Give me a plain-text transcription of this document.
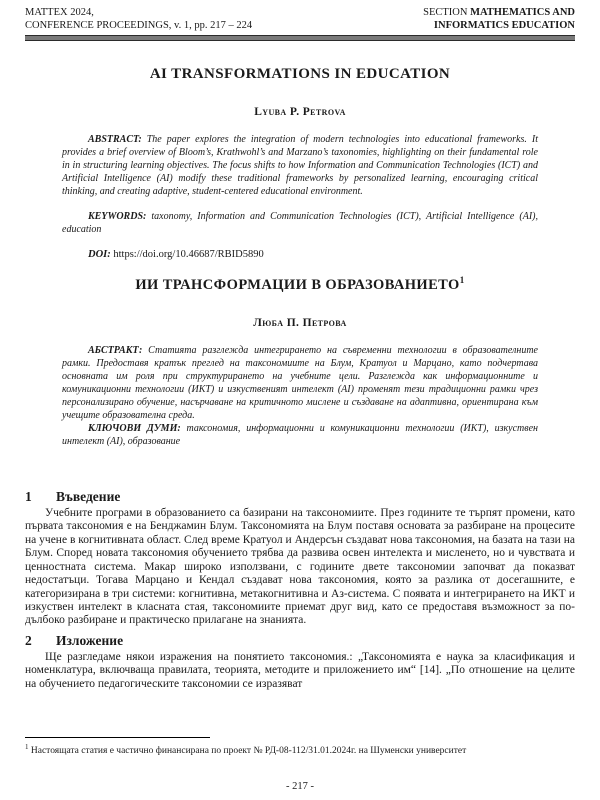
MATTEX 2024,
CONFERENCE PROCEEDINGS, v. 1, pp. 217 – 224
SECTION MATHEMATICS AND
INFORMATICS EDUCATION
AI TRANSFORMATIONS IN EDUCATION
Lyuba P. Petrova

ABSTRACT: The paper explores the integration of modern technologies into educational frameworks. It provides a brief overview of Bloom’s, Krathwohl’s and Marzano’s taxonomies, highlighting on their fundamental role in in structuring learning objectives. The focus shifts to how Information and Communication Technologies (ICT) and Artificial Intelligence (AI) modify these traditional frameworks by personalized learning, encouraging critical thinking, and creating adaptive, student-centered educational environment.

KEYWORDS: taxonomy, Information and Communication Technologies (ICT), Artificial Intelligence (AI), education

DOI: https://doi.org/10.46687/RBID5890
ИИ ТРАНСФОРМАЦИИ В ОБРАЗОВАНИЕТО$^1$
Люба П. Петрова

АБСТРАКТ: Статията разглежда интегрирането на съвременни технологии в образователните рамки. Предоставя кратък преглед на таксономиите на Блум, Кратуол и Марцано, като подчертава основната им роля при структурирането на учебните цели. Разглежда как информационните и комуникационни технологии (ИКТ) и изкуственият интелект (AI) променят тези традиционни рамки чрез персонализирано обучение, насърчаване на критичното мислене и създаване на адаптивна, ориентирана към учещите образователна среда.

КЛЮЧОВИ ДУМИ: таксономия, информационни и комуникационни технологии (ИКТ), изкуствен интелект (AI), образование

1 Въведение

Учебните програми в образованието са базирани на таксономиите. През годините те търпят промени, като първата таксономия е на Бенджамин Блум. Таксономията на Блум поставя основата за разбиране на процесите на учене в когнитивната област. След време Кратуол и Андерсън създават нова таксономия, на базата на тази на Блум. Според новата таксономия обучението трябва да развива освен интелекта и мисленето, но и чувствата и ценностната система. Макар широко използвани, с годините двете таксономии започват да показват недостатъци. Тогава Марцано и Кендал създават нова таксономия, която за разлика от досегашните, е категоризирана в три системи: когнитивна, метакогнитивна и Аз-система. С появата и интегрирането на ИКТ и изкуствен интелект в класната стая, таксономиите приемат друг вид, като се предоставя възможност за по-дълбоко разбиране и практическо прилагане на знанията.

2 Изложение

Ще разгледаме някои изражения на понятието таксономия.: „Таксономията е наука за класификация и номенклатура, включваща правилата, теорията, методите и приложението им“ [14]. „По отношение на целите на обучението педагогическите таксономии се изразяват

$^1$ Настоящата статия е частично финансирана по проект № РД-08-112/31.01.2024г. на Шуменски университет
- 217 -
